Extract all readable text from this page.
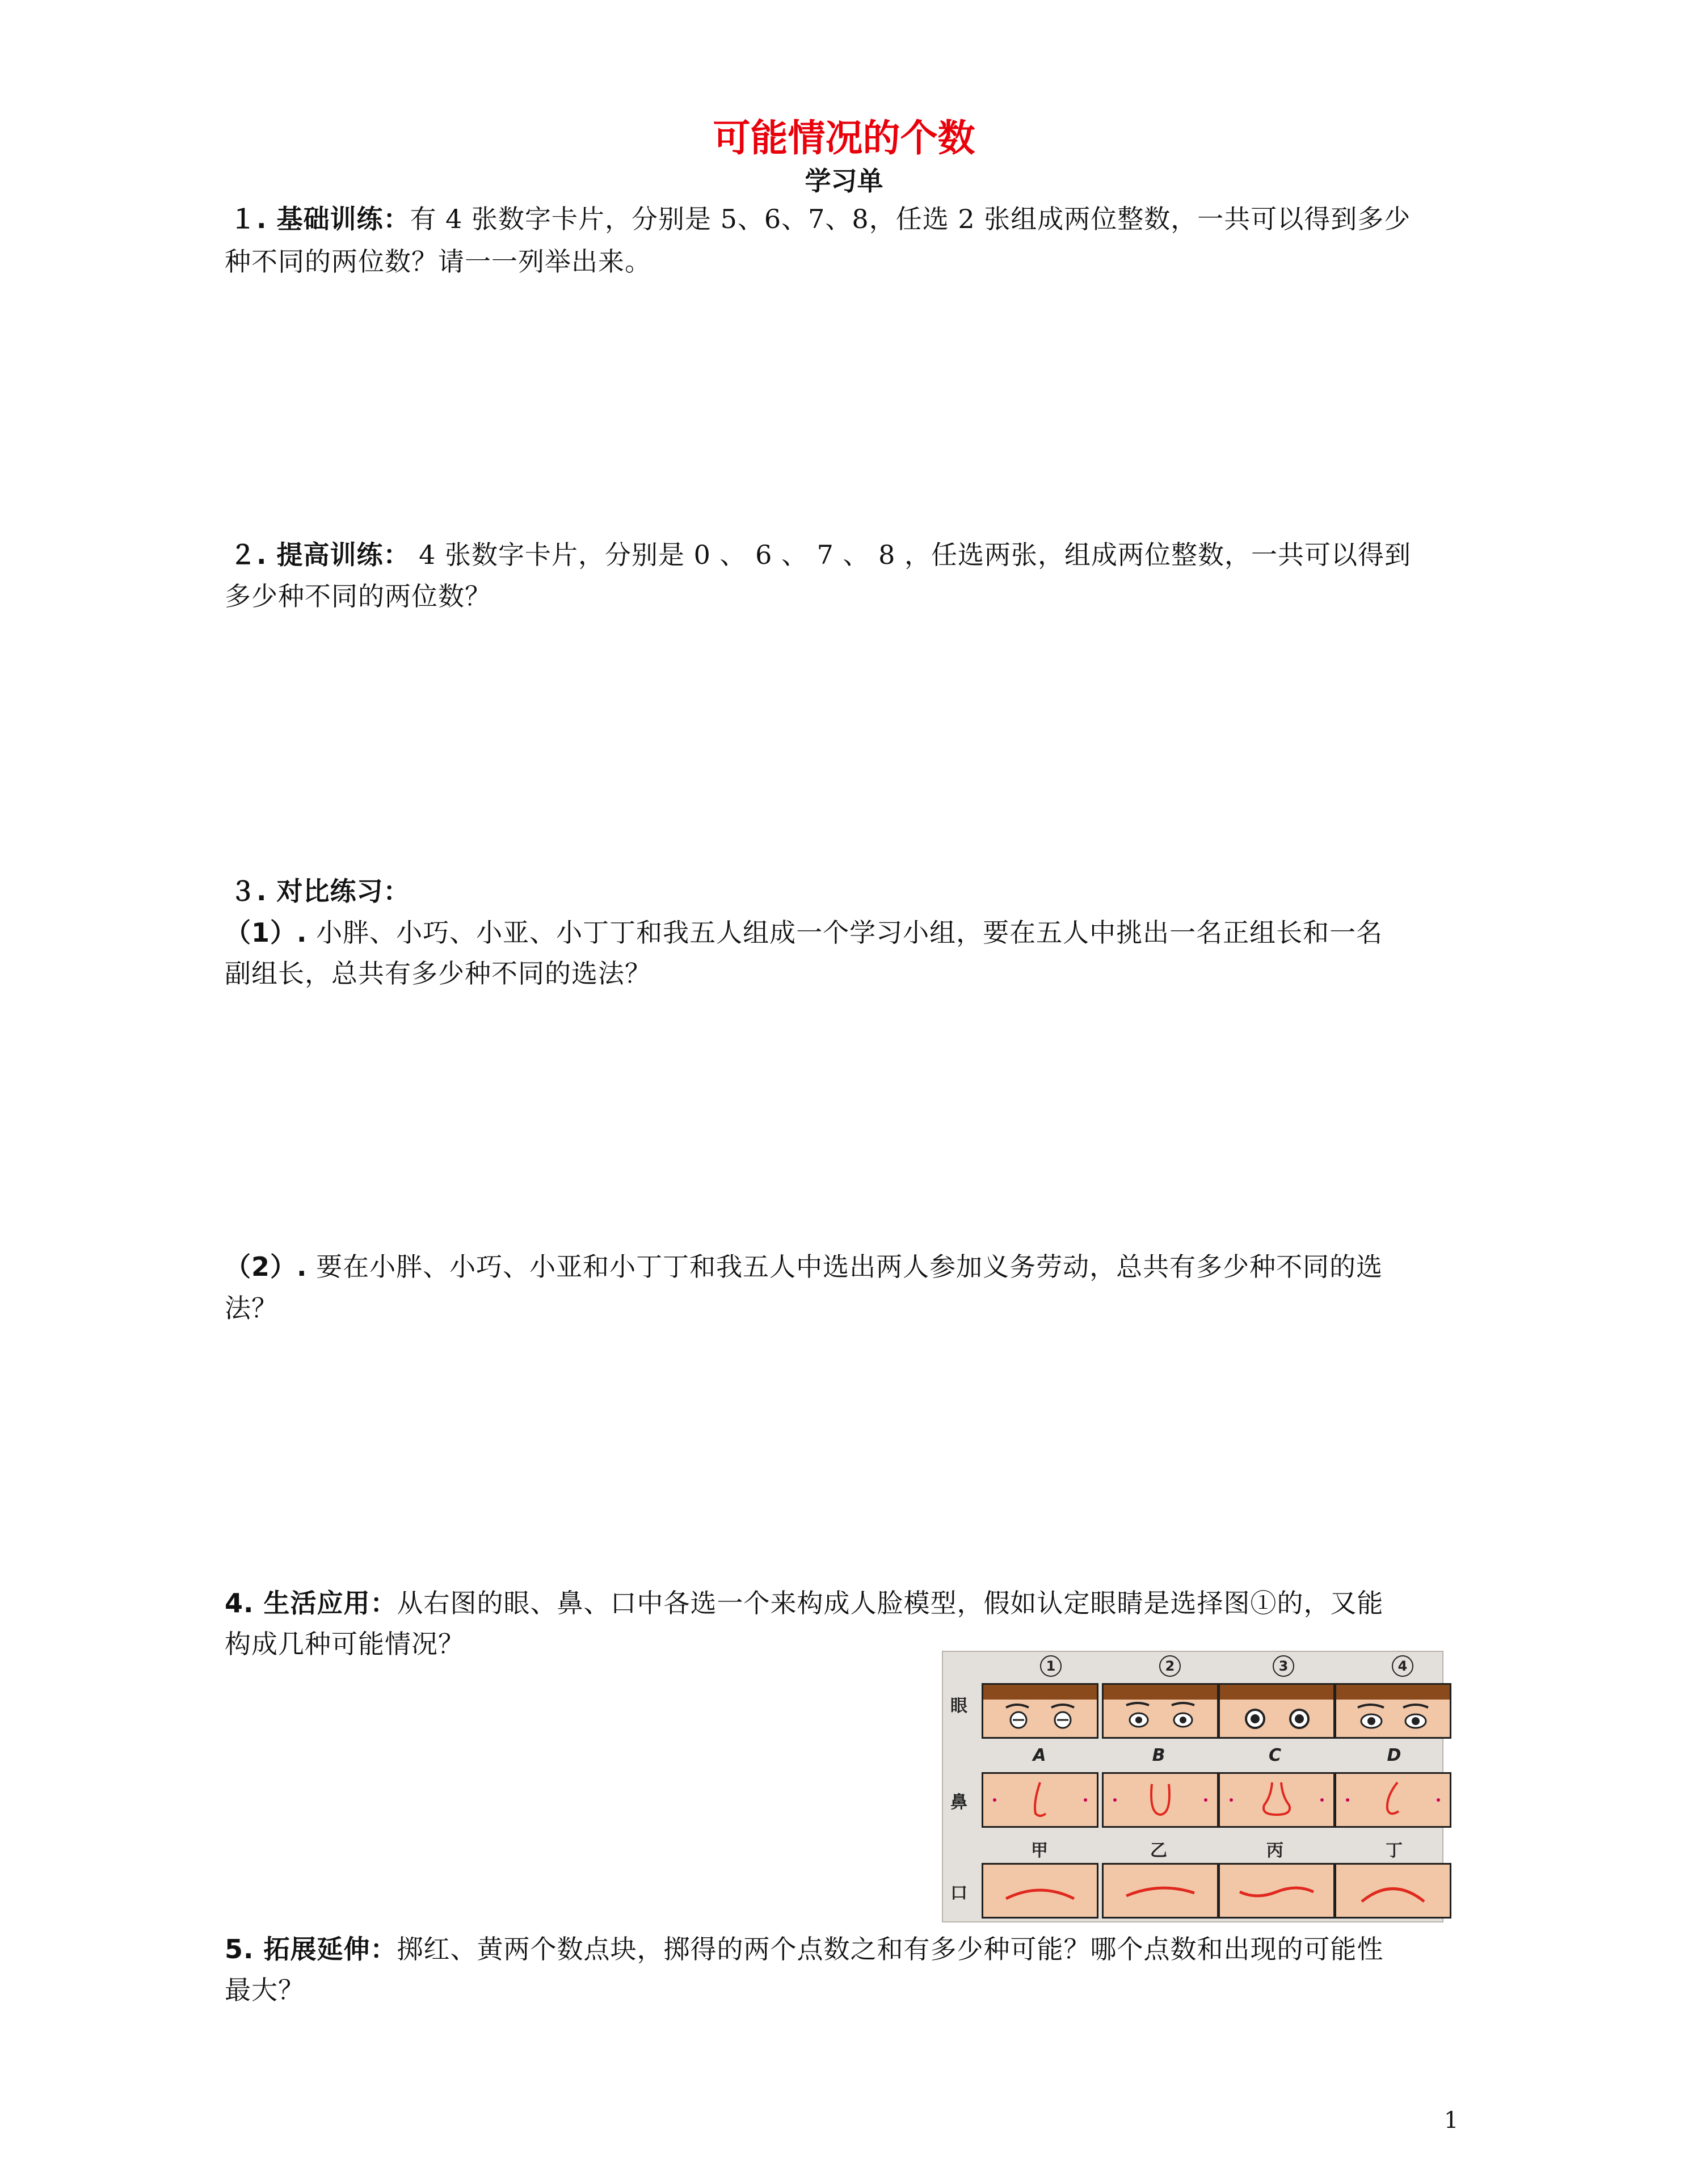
可能情况的个数
学习单
１. 基础训练：有 4 张数字卡片，分别是 5、6、7、8，任选 2 张组成两位整数，一共可以得到多少
种不同的两位数？请一一列举出来。
２. 提高训练： 4 张数字卡片，分别是 0 、 6 、 7 、 8 ，任选两张，组成两位整数，一共可以得到
多少种不同的两位数？
３. 对比练习：
（1）. 小胖、小巧、小亚、小丁丁和我五人组成一个学习小组，要在五人中挑出一名正组长和一名
副组长，总共有多少种不同的选法？
（2）. 要在小胖、小巧、小亚和小丁丁和我五人中选出两人参加义务劳动，总共有多少种不同的选
法？
4. 生活应用：从右图的眼、鼻、口中各选一个来构成人脸模型，假如认定眼睛是选择图①的，又能
构成几种可能情况？
眼
鼻
口
1	2	3	4
A	B	C	D
甲	乙	丙	丁
5. 拓展延伸：掷红、黄两个数点块，掷得的两个点数之和有多少种可能？哪个点数和出现的可能性
最大？
1
